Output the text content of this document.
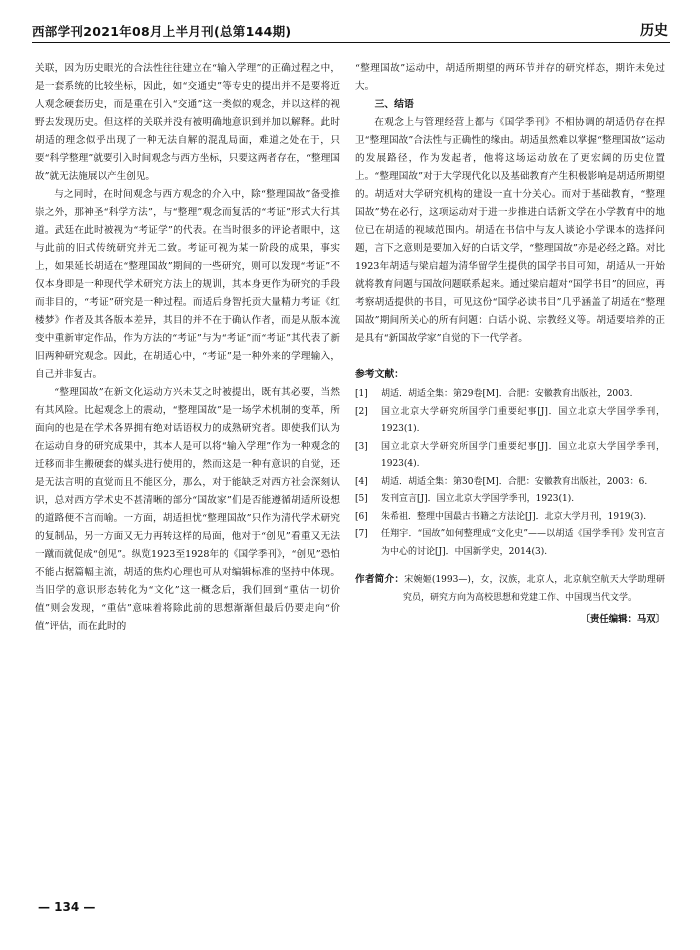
西部学刊2021年08月上半月刊(总第144期)	历史

关联，因为历史眼光的合法性往往建立在“输入学理”的正确过程之中，是一套系统的比较坐标，因此，如“交通史”等专史的提出并不是要将近人观念硬套历史，而是重在引入“交通”这一类似的观念，并以这样的视野去发现历史。但这样的关联并没有被明确地意识到并加以解释。此时胡适的理念似乎出现了一种无法自解的混乱局面，难道之处在于，只要“科学整理”就要引入时间观念与西方坐标，只要这两者存在，“整理国故”就无法施展以产生创见。

与之同时，在时间观念与西方观念的介入中，除“整理国故”备受推崇之外，那神圣“科学方法”，与“整理”观念而复活的“考证”形式大行其道。武廷在此时被视为“考证学”的代表。在当时很多的评论者眼中，这与此前的旧式传统研究并无二致。考证可视为某一阶段的成果，事实上，如果延长胡适在“整理国故”期间的一些研究，则可以发现“考证”不仅本身即是一种现代学术研究方法上的规训，其本身更作为研究的手段而非目的，“考证”研究是一种过程。而适后身智托贡大量精力考证《红楼梦》作者及其各版本差异，其目的并不在于确认作者，而是从版本流变中重新审定作品，作为方法的“考证”与为“考证”而“考证”其代表了新旧两种研究观念。因此，在胡适心中，“考证”是一种外来的学理输入，自己并非复古。

“整理国故”在新文化运动方兴未艾之时被提出，既有其必要，当然有其风险。比起观念上的震动，“整理国故”是一场学术机制的变革，所面向的也是在学术各界拥有绝对话语权力的成熟研究者。即使我们认为在运动自身的研究成果中，其本人是可以将“输入学理”作为一种观念的迁移而非生搬硬套的媒头进行使用的，然而这是一种有意识的自觉，还是无法言明的直觉而且不能区分，那么，对于能缺乏对西方社会深刻认识，总对西方学术史不甚清晰的部分“国故家”们是否能遵循胡适所设想的道路便不言而喻。一方面，胡适担忧“整理国故”只作为清代学术研究的复制品，另一方面又无力再转这样的局面，他对于“创见”看重又无法一蹴而就促成“创见”。纵览1923至1928年的《国学季刊》，“创见”恐怕不能占据篇幅主流，胡适的焦灼心理也可从对编辑标准的坚持中体现。当旧学的意识形态转化为“文化”这一概念后，我们回到“重估一切价值”则会发现，“重估”意味着将除此前的思想渐渐但最后仍要走向“价值”评估，而在此时的

“整理国故”运动中，胡适所期望的两环节并存的研究样态，期许未免过大。

三、结语

在观念上与管理经营上都与《国学季刊》不相协调的胡适仍存在捍卫“整理国故”合法性与正确性的缘由。胡适虽然难以掌握“整理国故”运动的发展路径，作为发起者，他将这场运动放在了更宏阔的历史位置上。“整理国故”对于大学现代化以及基础教育产生积极影响是胡适所期望的。胡适对大学研究机构的建设一直十分关心。而对于基础教育，“整理国故”势在必行，这项运动对于进一步推进白话新文学在小学教育中的地位已在胡适的视域范围内。胡适在书信中与友人谈论小学课本的选择问题，言下之意则是要加入好的白话文学，“整理国故”亦是必经之路。对比1923年胡适与梁启超为清华留学生提供的国学书目可知，胡适从一开始就将教育问题与国故问题联系起来。通过梁启超对“国学书目”的回应，再考察胡适提供的书目，可见这份“国学必读书目”几乎涵盖了胡适在“整理国故”期间所关心的所有问题：白话小说、宗教经义等。胡适要培养的正是具有“新国故学家”自觉的下一代学者。

参考文献：
[1] 胡适．胡适全集：第29卷[M]．合肥：安徽教育出版社，2003.
[2] 国立北京大学研究所国学门重要纪事[J]．国立北京大学国学季刊，1923(1).
[3] 国立北京大学研究所国学门重要纪事[J]．国立北京大学国学季刊，1923(4).
[4] 胡适．胡适全集：第30卷[M]．合肥：安徽教育出版社，2003：6.
[5] 发刊宣言[J]．国立北京大学国学季刊，1923(1).
[6] 朱希祖．整理中国最古书籍之方法论[J]．北京大学月刊，1919(3).
[7] 任翔宇．“国故”如何整理成“文化史”——以胡适《国学季刊》发刊宣言为中心的讨论[J]．中国新学史，2014(3).
作者简介：宋婉姬(1993—)，女，汉族，北京人，北京航空航天大学助理研究员，研究方向为高校思想和党建工作、中国现当代文学。
〔责任编辑：马双〕
— 134 —
